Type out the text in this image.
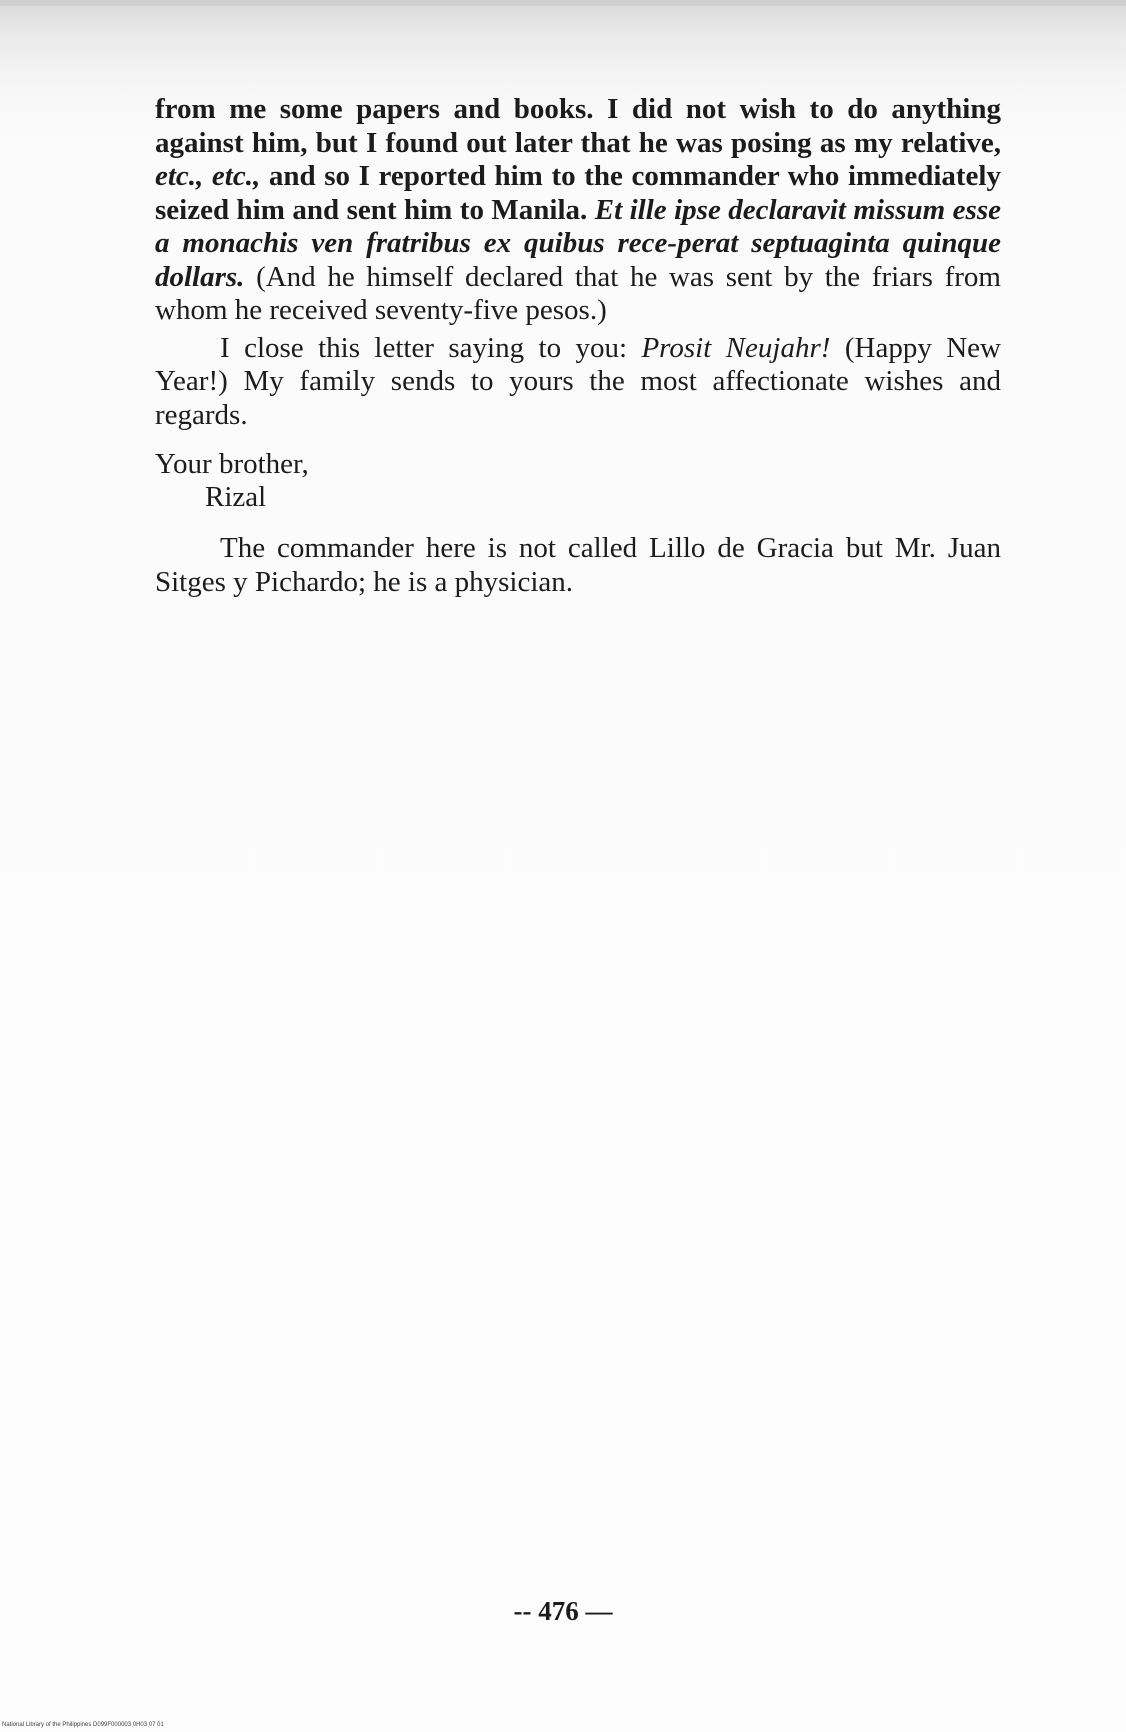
from me some papers and books. I did not wish to do anything against him, but I found out later that he was posing as my relative, etc., etc., and so I reported him to the commander who immediately seized him and sent him to Manila. Et ille ipse declaravit missum esse a monachis ven fratribus ex quibus rece-perat septuaginta quinque dollars. (And he himself declared that he was sent by the friars from whom he received seventy-five pesos.)

I close this letter saying to you: Prosit Neujahr! (Happy New Year!) My family sends to yours the most affectionate wishes and regards.

Your brother,
Rizal

The commander here is not called Lillo de Gracia but Mr. Juan Sitges y Pichardo; he is a physician.

-- 476 —
National Library of the Philippines D099F000003 0H03 07 01
